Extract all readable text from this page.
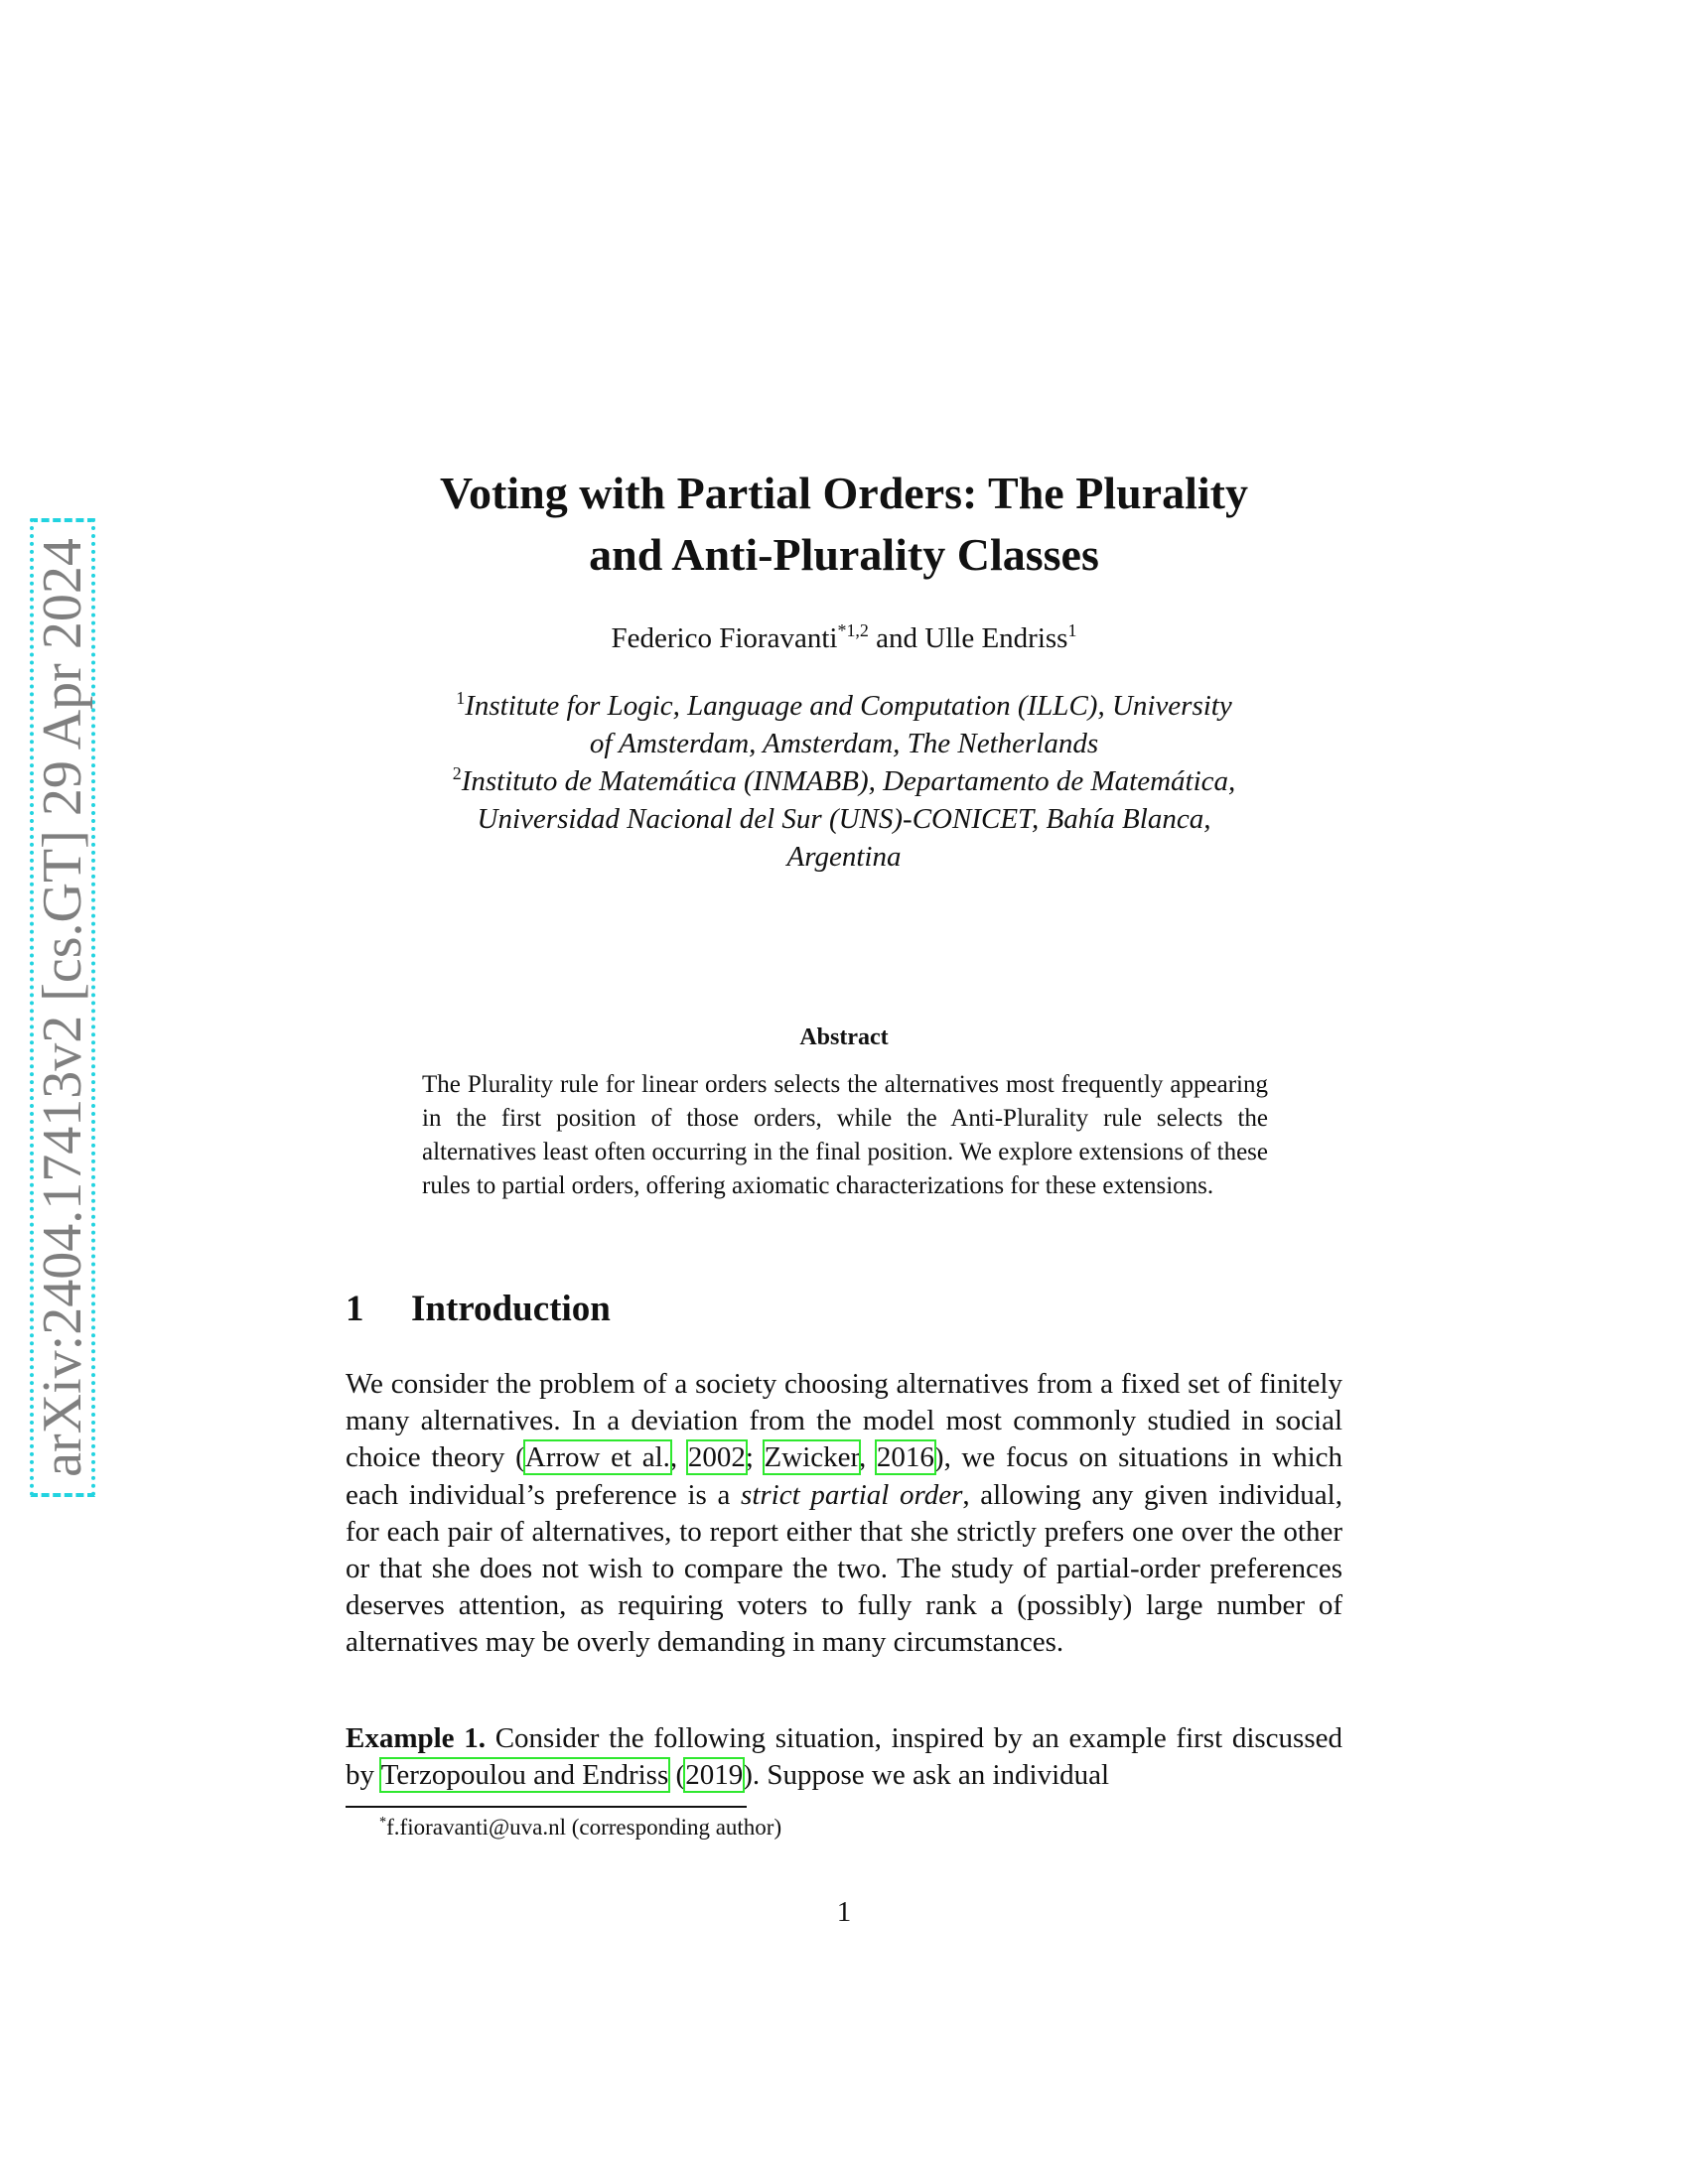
arXiv:2404.17413v2 [cs.GT] 29 Apr 2024
Voting with Partial Orders: The Plurality
and Anti-Plurality Classes
Federico Fioravanti$^{*1,2}$ and Ulle Endriss$^1$
$^1$Institute for Logic, Language and Computation (ILLC), University
of Amsterdam, Amsterdam, The Netherlands
$^2$Instituto de Matemática (INMABB), Departamento de Matemática,
Universidad Nacional del Sur (UNS)-CONICET, Bahía Blanca,
Argentina
Abstract
The Plurality rule for linear orders selects the alternatives most frequently appearing in the first position of those orders, while the Anti-Plurality rule selects the alternatives least often occurring in the final position. We explore extensions of these rules to partial orders, offering axiomatic characterizations for these extensions.
1 Introduction
We consider the problem of a society choosing alternatives from a fixed set of finitely many alternatives. In a deviation from the model most commonly studied in social choice theory (Arrow et al., 2002; Zwicker, 2016), we focus on situations in which each individual’s preference is a strict partial order, allowing any given individual, for each pair of alternatives, to report either that she strictly prefers one over the other or that she does not wish to compare the two. The study of partial-order preferences deserves attention, as requiring voters to fully rank a (possibly) large number of alternatives may be overly demanding in many circumstances.
Example 1. Consider the following situation, inspired by an example first discussed by Terzopoulou and Endriss (2019). Suppose we ask an individual
*f.fioravanti@uva.nl (corresponding author)
1
